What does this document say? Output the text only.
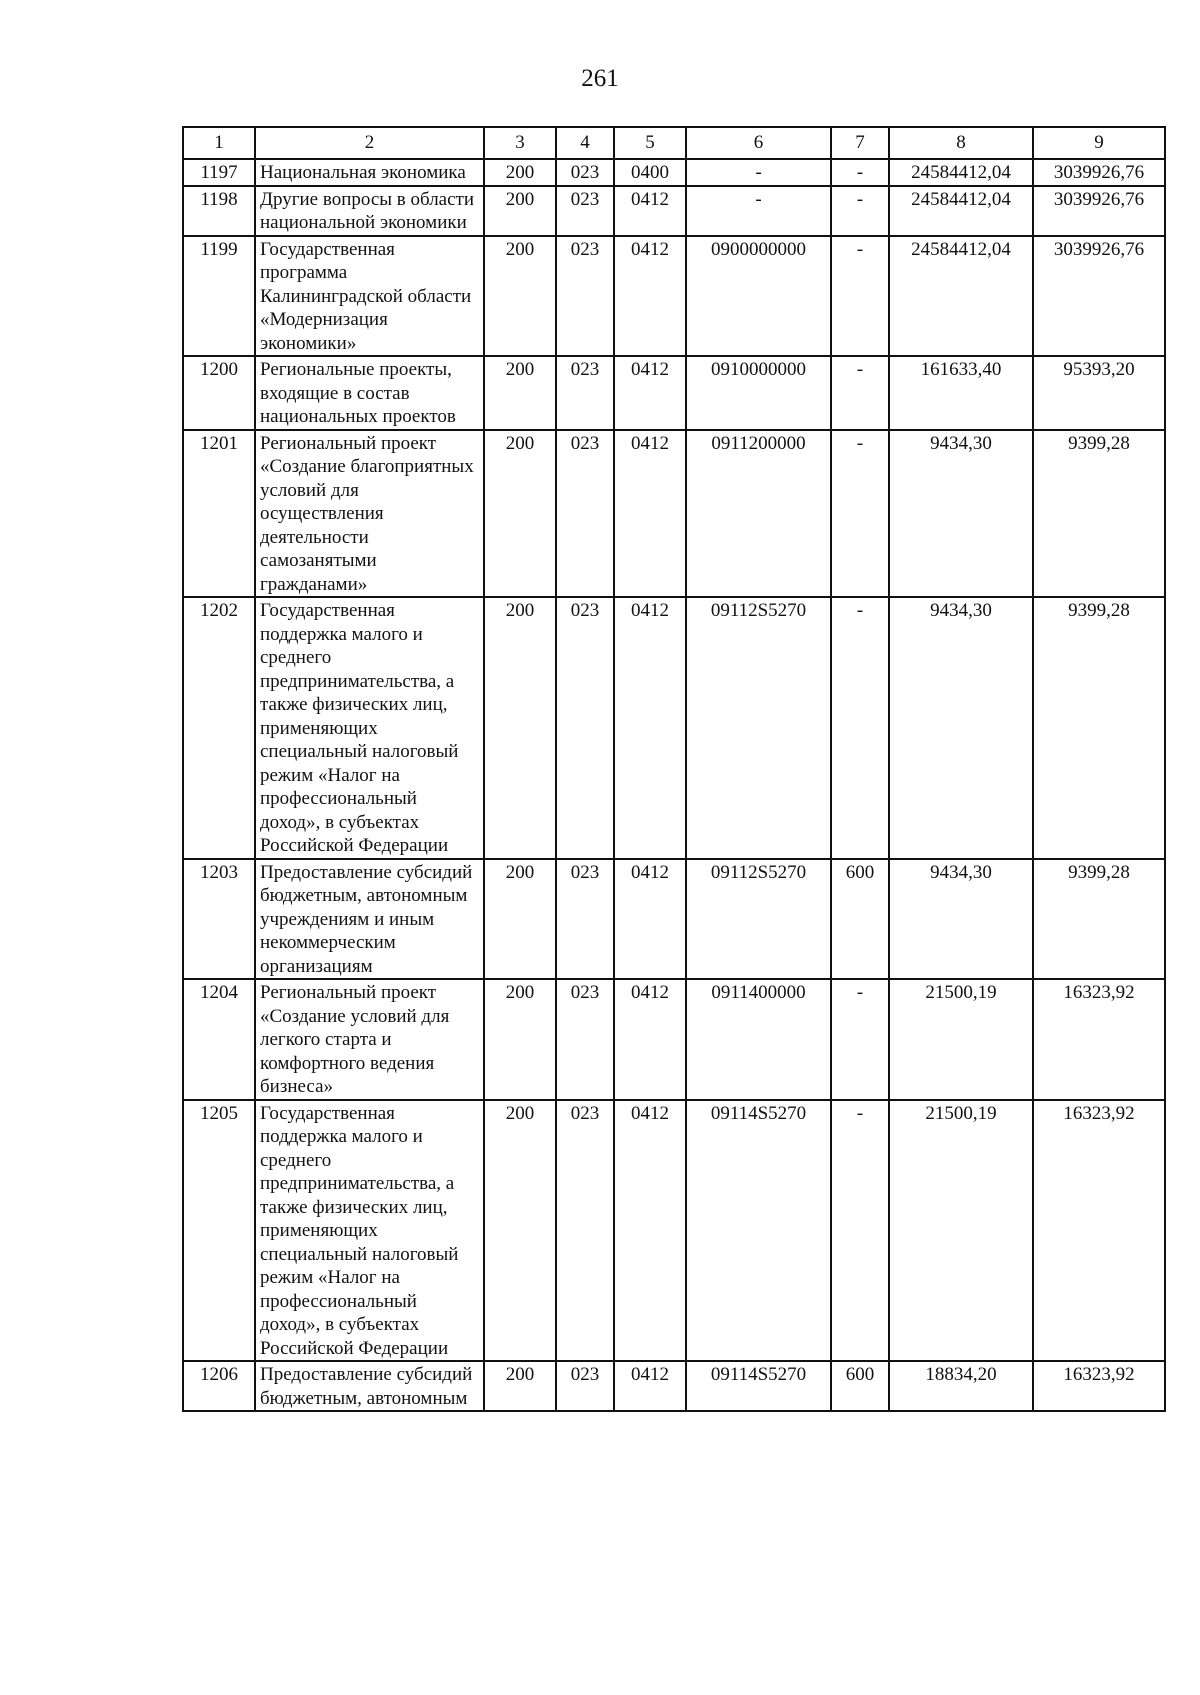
261
1	2	3	4	5	6	7	8	9
1197	Национальная экономика	200	023	0400	-	-	24584412,04	3039926,76
1198	Другие вопросы в области национальной экономики	200	023	0412	-	-	24584412,04	3039926,76
1199	Государственная программа Калининградской области «Модернизация экономики»	200	023	0412	0900000000	-	24584412,04	3039926,76
1200	Региональные проекты, входящие в состав национальных проектов	200	023	0412	0910000000	-	161633,40	95393,20
1201	Региональный проект «Создание благоприятных условий для осуществления деятельности самозанятыми гражданами»	200	023	0412	0911200000	-	9434,30	9399,28
1202	Государственная поддержка малого и среднего предпринимательства, а также физических лиц, применяющих специальный налоговый режим «Налог на профессиональный доход», в субъектах Российской Федерации	200	023	0412	09112S5270	-	9434,30	9399,28
1203	Предоставление субсидий бюджетным, автономным учреждениям и иным некоммерческим организациям	200	023	0412	09112S5270	600	9434,30	9399,28
1204	Региональный проект «Создание условий для легкого старта и комфортного ведения бизнеса»	200	023	0412	0911400000	-	21500,19	16323,92
1205	Государственная поддержка малого и среднего предпринимательства, а также физических лиц, применяющих специальный налоговый режим «Налог на профессиональный доход», в субъектах Российской Федерации	200	023	0412	09114S5270	-	21500,19	16323,92
1206	Предоставление субсидий бюджетным, автономным	200	023	0412	09114S5270	600	18834,20	16323,92
